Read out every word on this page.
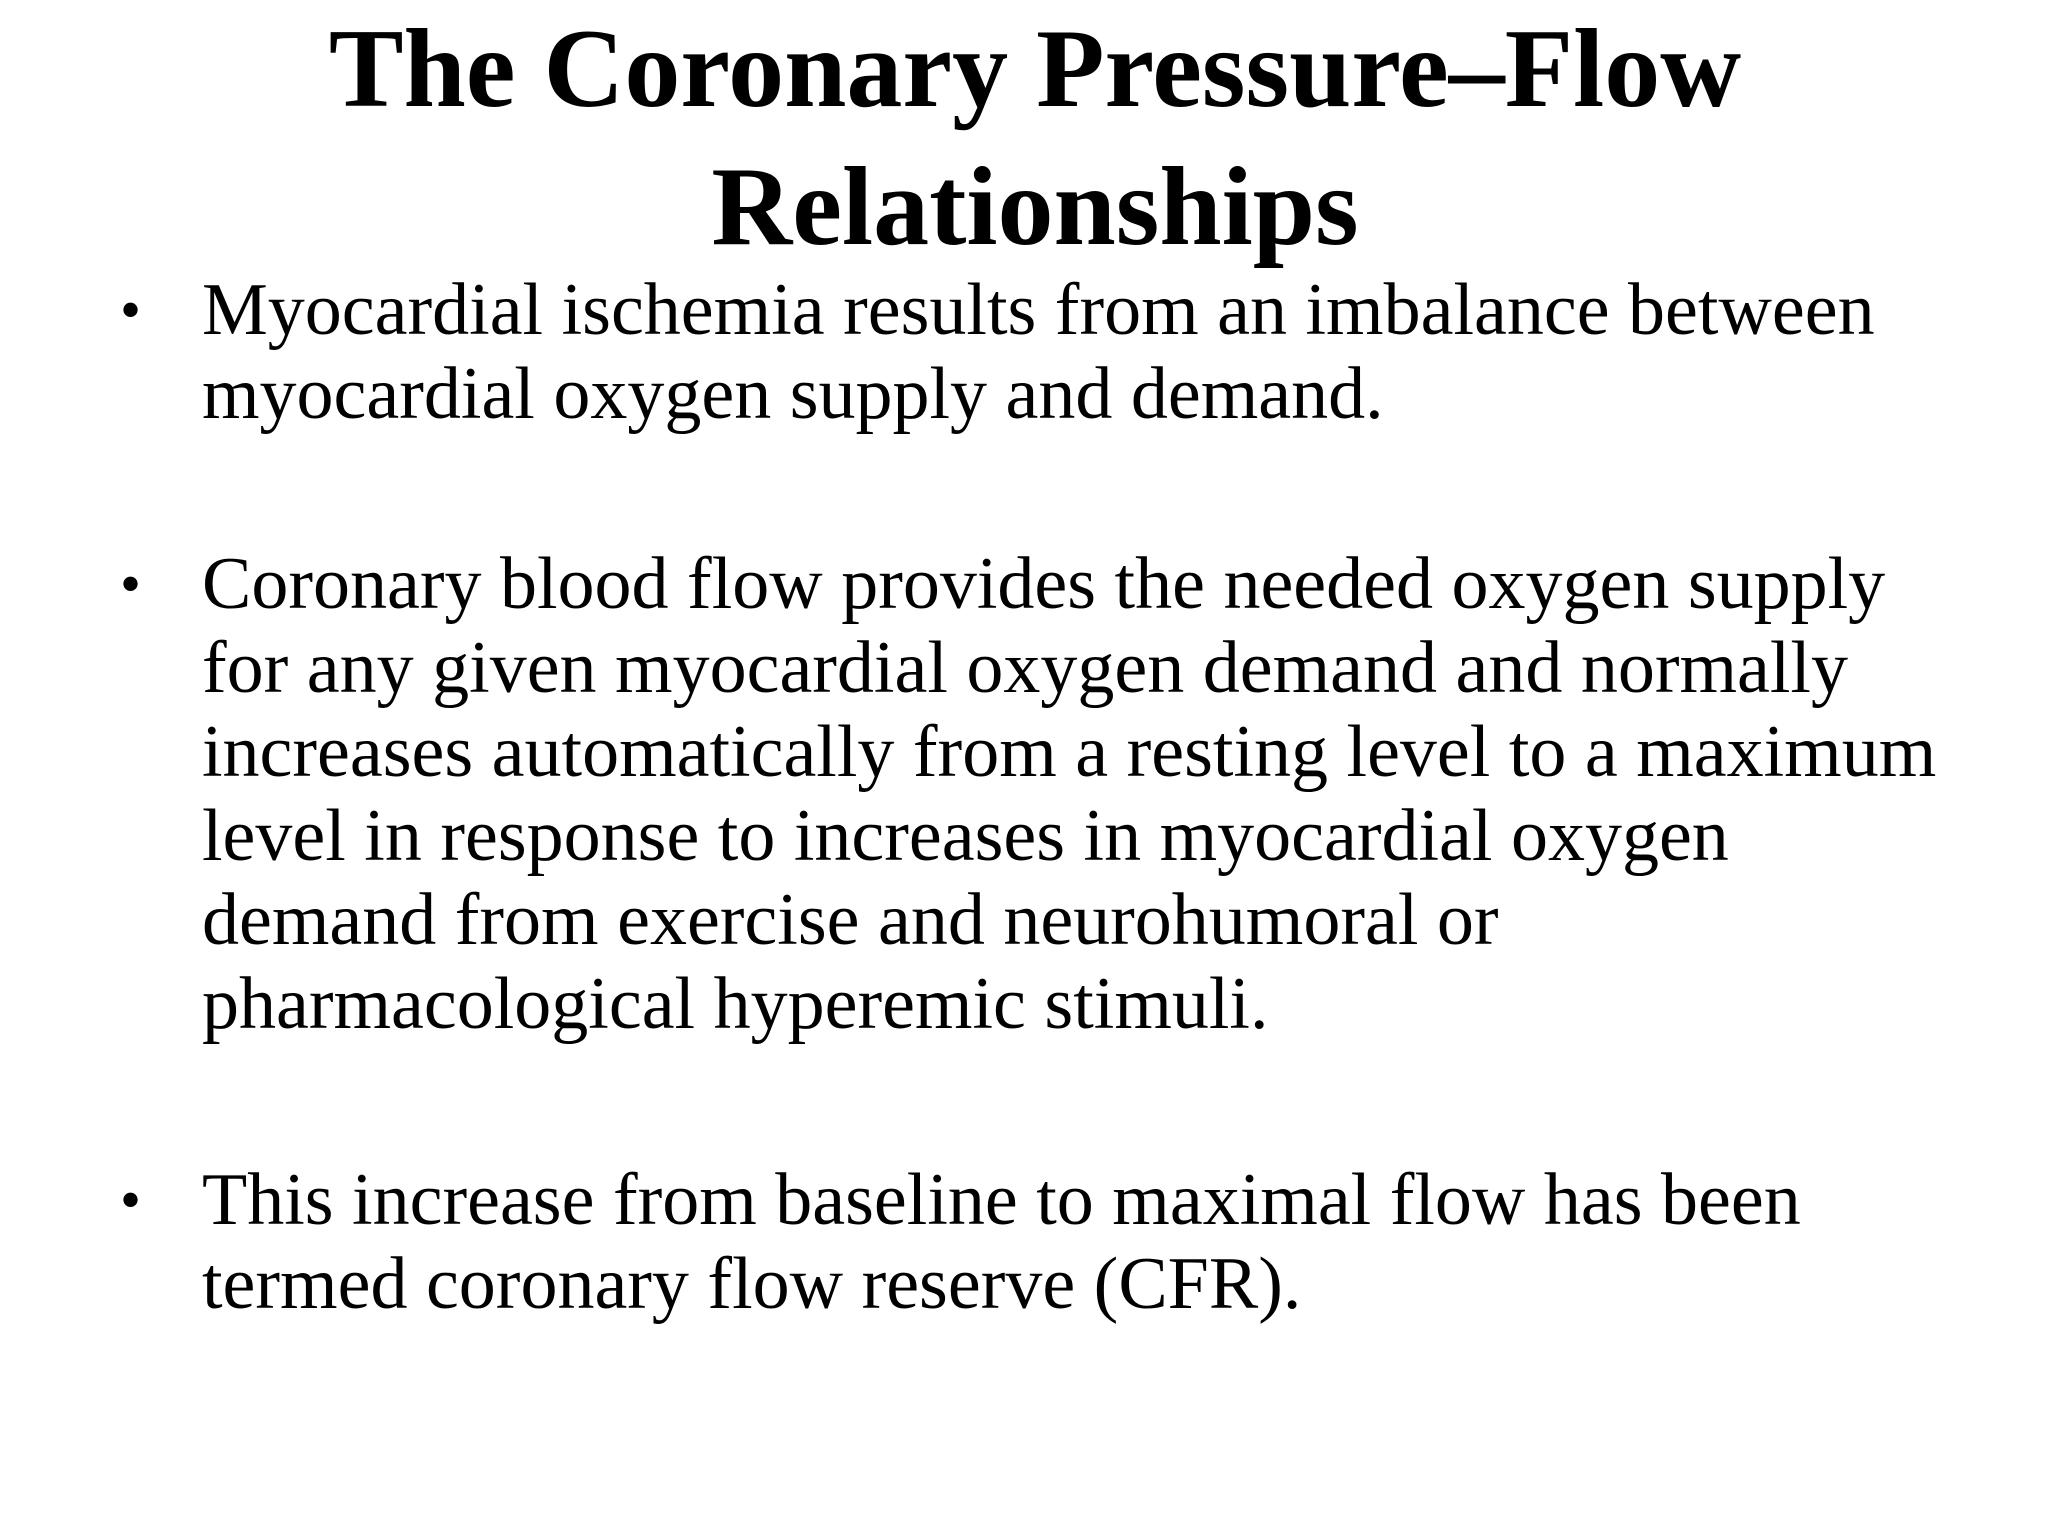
The Coronary Pressure–Flow Relationships
• Myocardial ischemia results from an imbalance between myocardial oxygen supply and demand.
• Coronary blood flow provides the needed oxygen supply for any given myocardial oxygen demand and normally increases automatically from a resting level to a maximum level in response to increases in myocardial oxygen demand from exercise and neurohumoral or pharmacological hyperemic stimuli.
• This increase from baseline to maximal flow has been termed coronary flow reserve (CFR).
